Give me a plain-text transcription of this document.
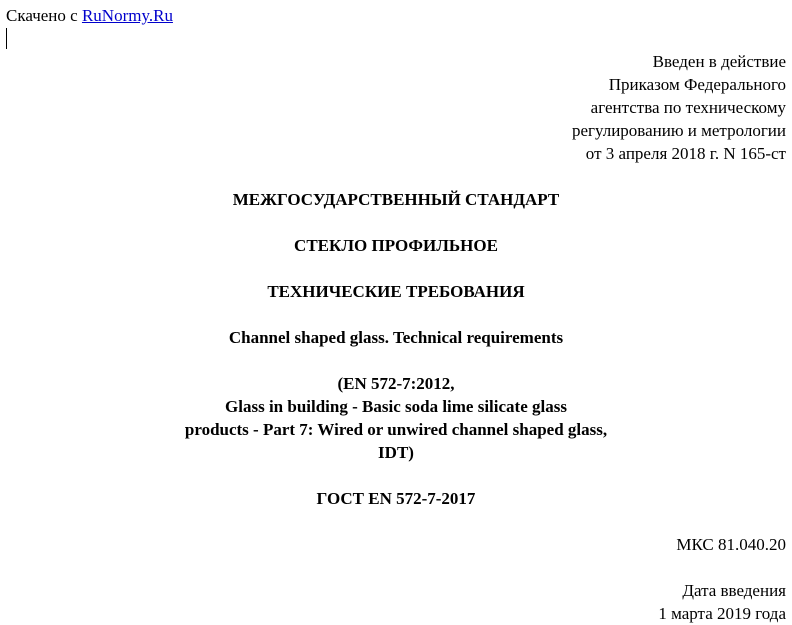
Скачено с RuNormy.Ru
Введен в действие
Приказом Федерального
агентства по техническому
регулированию и метрологии
от 3 апреля 2018 г. N 165-ст
МЕЖГОСУДАРСТВЕННЫЙ СТАНДАРТ
СТЕКЛО ПРОФИЛЬНОЕ
ТЕХНИЧЕСКИЕ ТРЕБОВАНИЯ
Channel shaped glass. Technical requirements
(EN 572-7:2012,
Glass in building - Basic soda lime silicate glass
products - Part 7: Wired or unwired channel shaped glass,
IDT)
ГОСТ EN 572-7-2017
МКС 81.040.20
Дата введения
1 марта 2019 года
